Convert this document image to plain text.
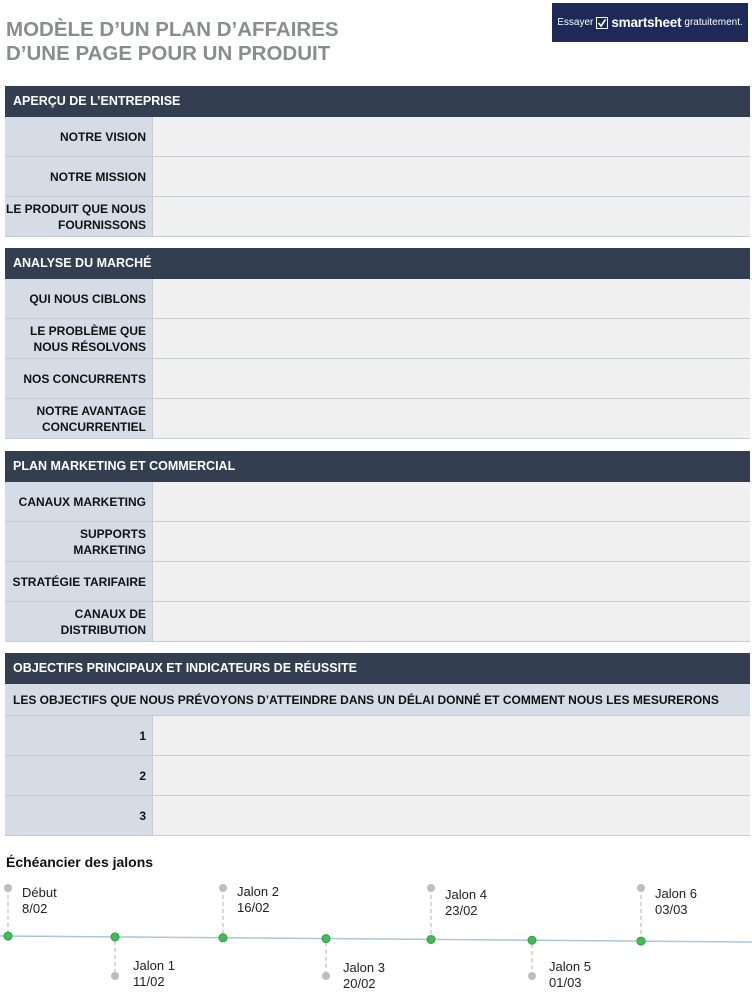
MODÈLE D’UN PLAN D’AFFAIRES
D’UNE PAGE POUR UN PRODUIT
Essayer smartsheet gratuitement.
APERÇU DE L’ENTREPRISE
NOTRE VISION
NOTRE MISSION
LE PRODUIT QUE NOUS FOURNISSONS
ANALYSE DU MARCHÉ
QUI NOUS CIBLONS
LE PROBLÈME QUE NOUS RÉSOLVONS
NOS CONCURRENTS
NOTRE AVANTAGE CONCURRENTIEL
PLAN MARKETING ET COMMERCIAL
CANAUX MARKETING
SUPPORTS MARKETING
STRATÉGIE TARIFAIRE
CANAUX DE DISTRIBUTION
OBJECTIFS PRINCIPAUX ET INDICATEURS DE RÉUSSITE
LES OBJECTIFS QUE NOUS PRÉVOYONS D’ATTEINDRE DANS UN DÉLAI DONNÉ ET COMMENT NOUS LES MESURERONS
1
2
3
Échéancier des jalons
Début
8/02
Jalon 1
11/02
Jalon 2
16/02
Jalon 3
20/02
Jalon 4
23/02
Jalon 5
01/03
Jalon 6
03/03
